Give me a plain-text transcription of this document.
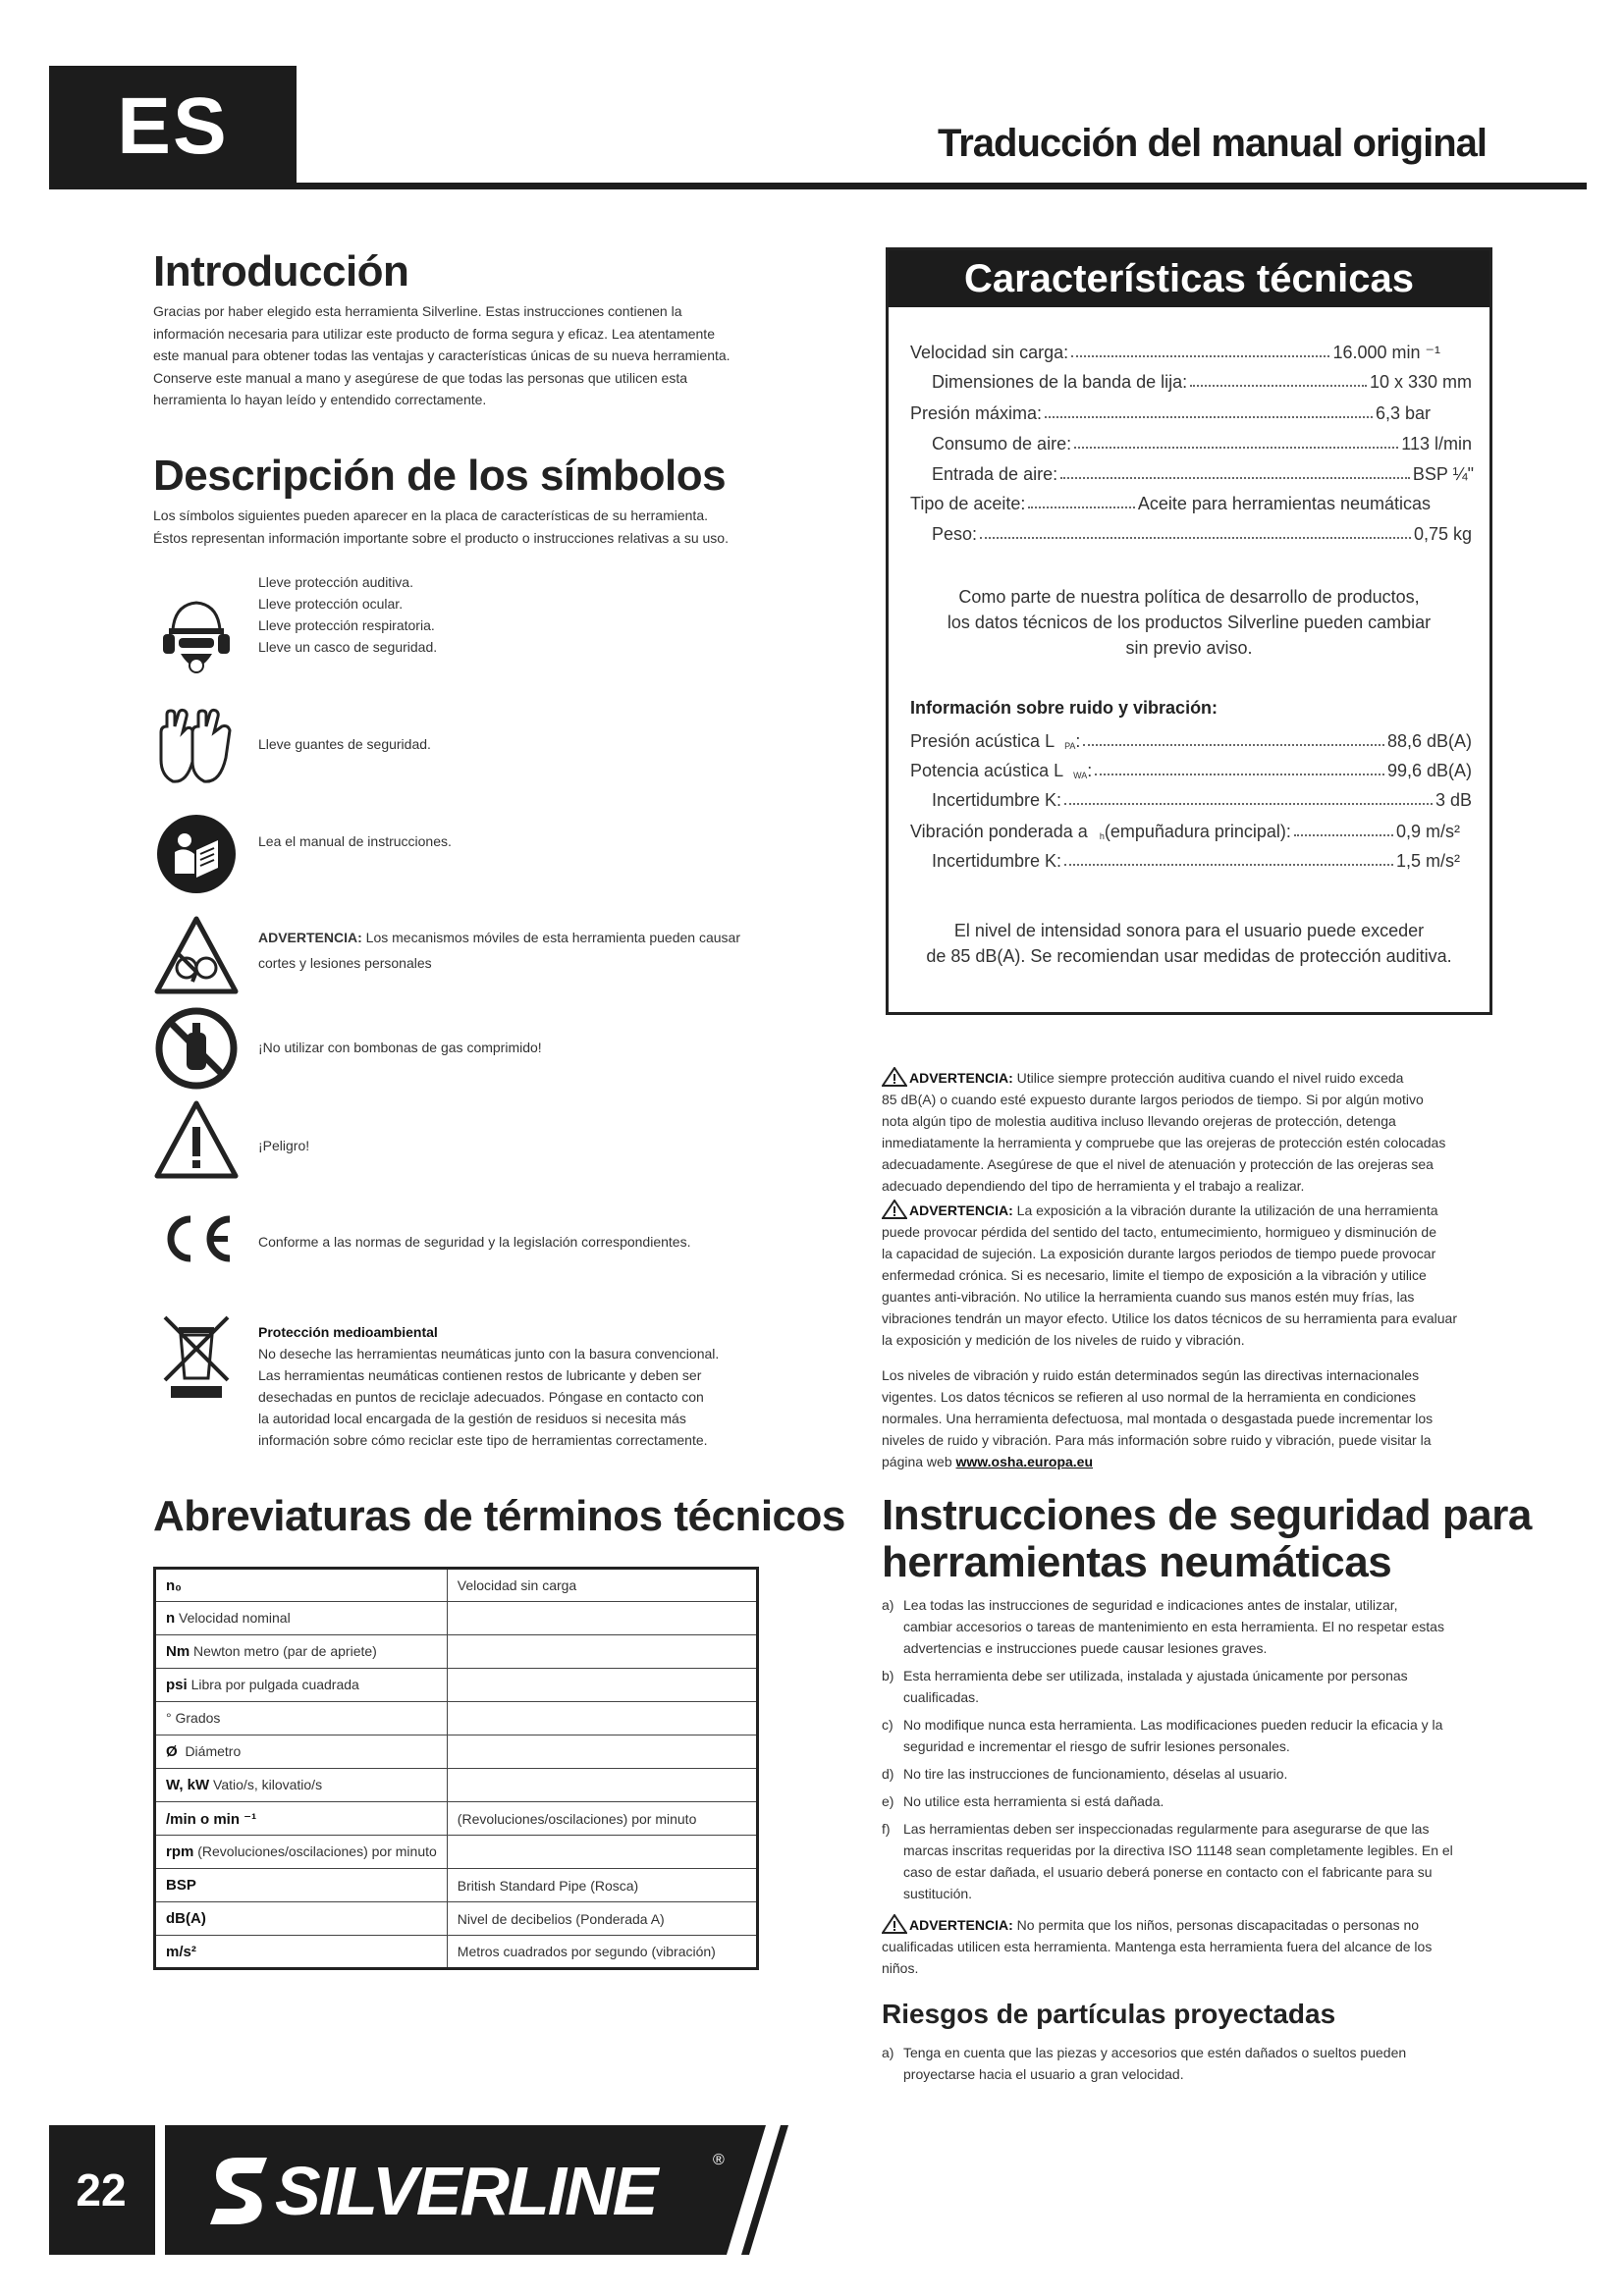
ES	Traducción del manual original
Introducción
Gracias por haber elegido esta herramienta Silverline. Estas instrucciones contienen la
información necesaria para utilizar este producto de forma segura y eficaz. Lea atentamente
este manual para obtener todas las ventajas y características únicas de su nueva herramienta.
Conserve este manual a mano y asegúrese de que todas las personas que utilicen esta
herramienta lo hayan leído y entendido correctamente.
Descripción de los símbolos
Los símbolos siguientes pueden aparecer en la placa de características de su herramienta.
Éstos representan información importante sobre el producto o instrucciones relativas a su uso.
Lleve protección auditiva.
Lleve protección ocular.
Lleve protección respiratoria.
Lleve un casco de seguridad.
Lleve guantes de seguridad.
Lea el manual de instrucciones.
ADVERTENCIA: Los mecanismos móviles de esta herramienta pueden causar
cortes y lesiones personales
¡No utilizar con bombonas de gas comprimido!
¡Peligro!
Conforme a las normas de seguridad y la legislación correspondientes.
Protección medioambiental
No deseche las herramientas neumáticas junto con la basura convencional.
Las herramientas neumáticas contienen restos de lubricante y deben ser
desechadas en puntos de reciclaje adecuados. Póngase en contacto con
la autoridad local encargada de la gestión de residuos si necesita más
información sobre cómo reciclar este tipo de herramientas correctamente.
Abreviaturas de términos técnicos
n₀	Velocidad sin carga
n Velocidad nominal	
Nm Newton metro (par de apriete)	
psi Libra por pulgada cuadrada	
° Grados	
Ø  Diámetro	
W, kW Vatio/s, kilovatio/s	
/min o min ⁻¹	(Revoluciones/oscilaciones) por minuto
rpm (Revoluciones/oscilaciones) por minuto	
BSP	British Standard Pipe (Rosca)
dB(A)	Nivel de decibelios (Ponderada A)
m/s²	Metros cuadrados por segundo (vibración)
Características técnicas
Velocidad sin carga:	16.000 min ⁻¹
Dimensiones de la banda de lija:	10 x 330 mm
Presión máxima:	6,3 bar
Consumo de aire:	113 l/min
Entrada de aire:	BSP ¼"
Tipo de aceite:	Aceite para herramientas neumáticas
Peso:	0,75 kg
Como parte de nuestra política de desarrollo de productos,
los datos técnicos de los productos Silverline pueden cambiar
sin previo aviso.
Información sobre ruido y vibración:
Presión acústica L $_{PA}$ :	88,6 dB(A)
Potencia acústica L $_{WA}$ :	99,6 dB(A)
Incertidumbre K:	3 dB
Vibración ponderada a $_h$ (empuñadura principal):	0,9 m/s²
Incertidumbre K:	1,5 m/s²
El nivel de intensidad sonora para el usuario puede exceder
de 85 dB(A). Se recomiendan usar medidas de protección auditiva.
ADVERTENCIA: Utilice siempre protección auditiva cuando el nivel ruido exceda
85 dB(A) o cuando esté expuesto durante largos periodos de tiempo. Si por algún motivo
nota algún tipo de molestia auditiva incluso llevando orejeras de protección, detenga
inmediatamente la herramienta y compruebe que las orejeras de protección estén colocadas
adecuadamente. Asegúrese de que el nivel de atenuación y protección de las orejeras sea
adecuado dependiendo del tipo de herramienta y el trabajo a realizar.
ADVERTENCIA: La exposición a la vibración durante la utilización de una herramienta
puede provocar pérdida del sentido del tacto, entumecimiento, hormigueo y disminución de
la capacidad de sujeción. La exposición durante largos periodos de tiempo puede provocar
enfermedad crónica. Si es necesario, limite el tiempo de exposición a la vibración y utilice
guantes anti-vibración. No utilice la herramienta cuando sus manos estén muy frías, las
vibraciones tendrán un mayor efecto. Utilice los datos técnicos de su herramienta para evaluar
la exposición y medición de los niveles de ruido y vibración.
Los niveles de vibración y ruido están determinados según las directivas internacionales
vigentes. Los datos técnicos se refieren al uso normal de la herramienta en condiciones
normales. Una herramienta defectuosa, mal montada o desgastada puede incrementar los
niveles de ruido y vibración. Para más información sobre ruido y vibración, puede visitar la
página web www.osha.europa.eu
Instrucciones de seguridad para
herramientas neumáticas
a) Lea todas las instrucciones de seguridad e indicaciones antes de instalar, utilizar,
cambiar accesorios o tareas de mantenimiento en esta herramienta. El no respetar estas
advertencias e instrucciones puede causar lesiones graves.
b) Esta herramienta debe ser utilizada, instalada y ajustada únicamente por personas
cualificadas.
c) No modifique nunca esta herramienta. Las modificaciones pueden reducir la eficacia y la
seguridad e incrementar el riesgo de sufrir lesiones personales.
d) No tire las instrucciones de funcionamiento, déselas al usuario.
e) No utilice esta herramienta si está dañada.
f) Las herramientas deben ser inspeccionadas regularmente para asegurarse de que las
marcas inscritas requeridas por la directiva ISO 11148 sean completamente legibles. En el
caso de estar dañada, el usuario deberá ponerse en contacto con el fabricante para su
sustitución.
ADVERTENCIA: No permita que los niños, personas discapacitadas o personas no
cualificadas utilicen esta herramienta. Mantenga esta herramienta fuera del alcance de los
niños.
Riesgos de partículas proyectadas
a) Tenga en cuenta que las piezas y accesorios que estén dañados o sueltos pueden
proyectarse hacia el usuario a gran velocidad.
22	SILVERLINE	®
